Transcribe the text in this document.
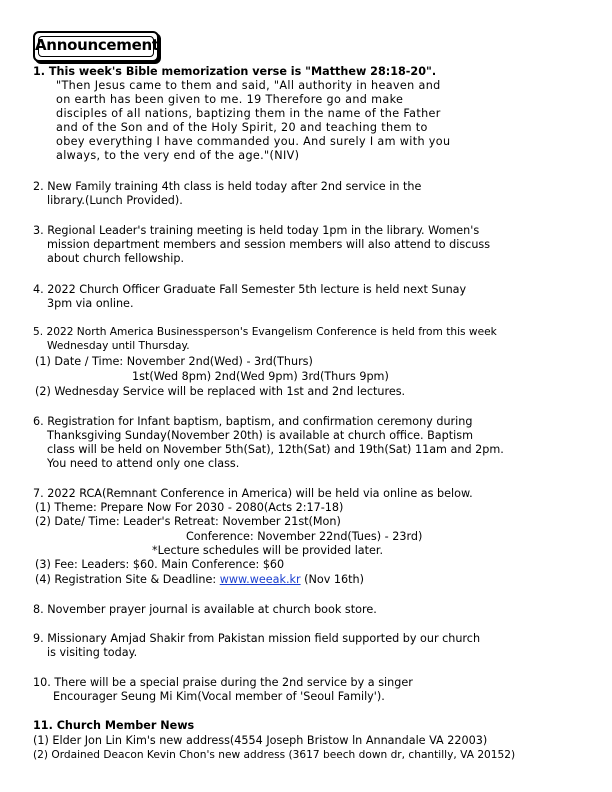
Announcement
1. This week's Bible memorization verse is "Matthew 28:18-20".
"Then Jesus came to them and said, "All authority in heaven and
on earth has been given to me. 19 Therefore go and make
disciples of all nations, baptizing them in the name of the Father
and of the Son and of the Holy Spirit, 20 and teaching them to
obey everything I have commanded you. And surely I am with you
always, to the very end of the age."(NIV)
2. New Family training 4th class is held today after 2nd service in the
library.(Lunch Provided).
3. Regional Leader's training meeting is held today 1pm in the library. Women's
mission department members and session members will also attend to discuss
about church fellowship.
4. 2022 Church Officer Graduate Fall Semester 5th lecture is held next Sunay
3pm via online.
5. 2022 North America Businessperson's Evangelism Conference is held from this week
Wednesday until Thursday.
(1) Date / Time: November 2nd(Wed) - 3rd(Thurs)
1st(Wed 8pm) 2nd(Wed 9pm) 3rd(Thurs 9pm)
(2) Wednesday Service will be replaced with 1st and 2nd lectures.
6. Registration for Infant baptism, baptism, and confirmation ceremony during
Thanksgiving Sunday(November 20th) is available at church office. Baptism
class will be held on November 5th(Sat), 12th(Sat) and 19th(Sat) 11am and 2pm.
You need to attend only one class.
7. 2022 RCA(Remnant Conference in America) will be held via online as below.
(1) Theme: Prepare Now For 2030 - 2080(Acts 2:17-18)
(2) Date/ Time: Leader's Retreat: November 21st(Mon)
Conference: November 22nd(Tues) - 23rd)
*Lecture schedules will be provided later.
(3) Fee: Leaders: $60. Main Conference: $60
(4) Registration Site & Deadline: www.weeak.kr (Nov 16th)
8. November prayer journal is available at church book store.
9. Missionary Amjad Shakir from Pakistan mission field supported by our church
is visiting today.
10. There will be a special praise during the 2nd service by a singer
Encourager Seung Mi Kim(Vocal member of 'Seoul Family').
11. Church Member News
(1) Elder Jon Lin Kim's new address(4554 Joseph Bristow ln Annandale VA 22003)
(2) Ordained Deacon Kevin Chon's new address (3617 beech down dr, chantilly, VA 20152)
